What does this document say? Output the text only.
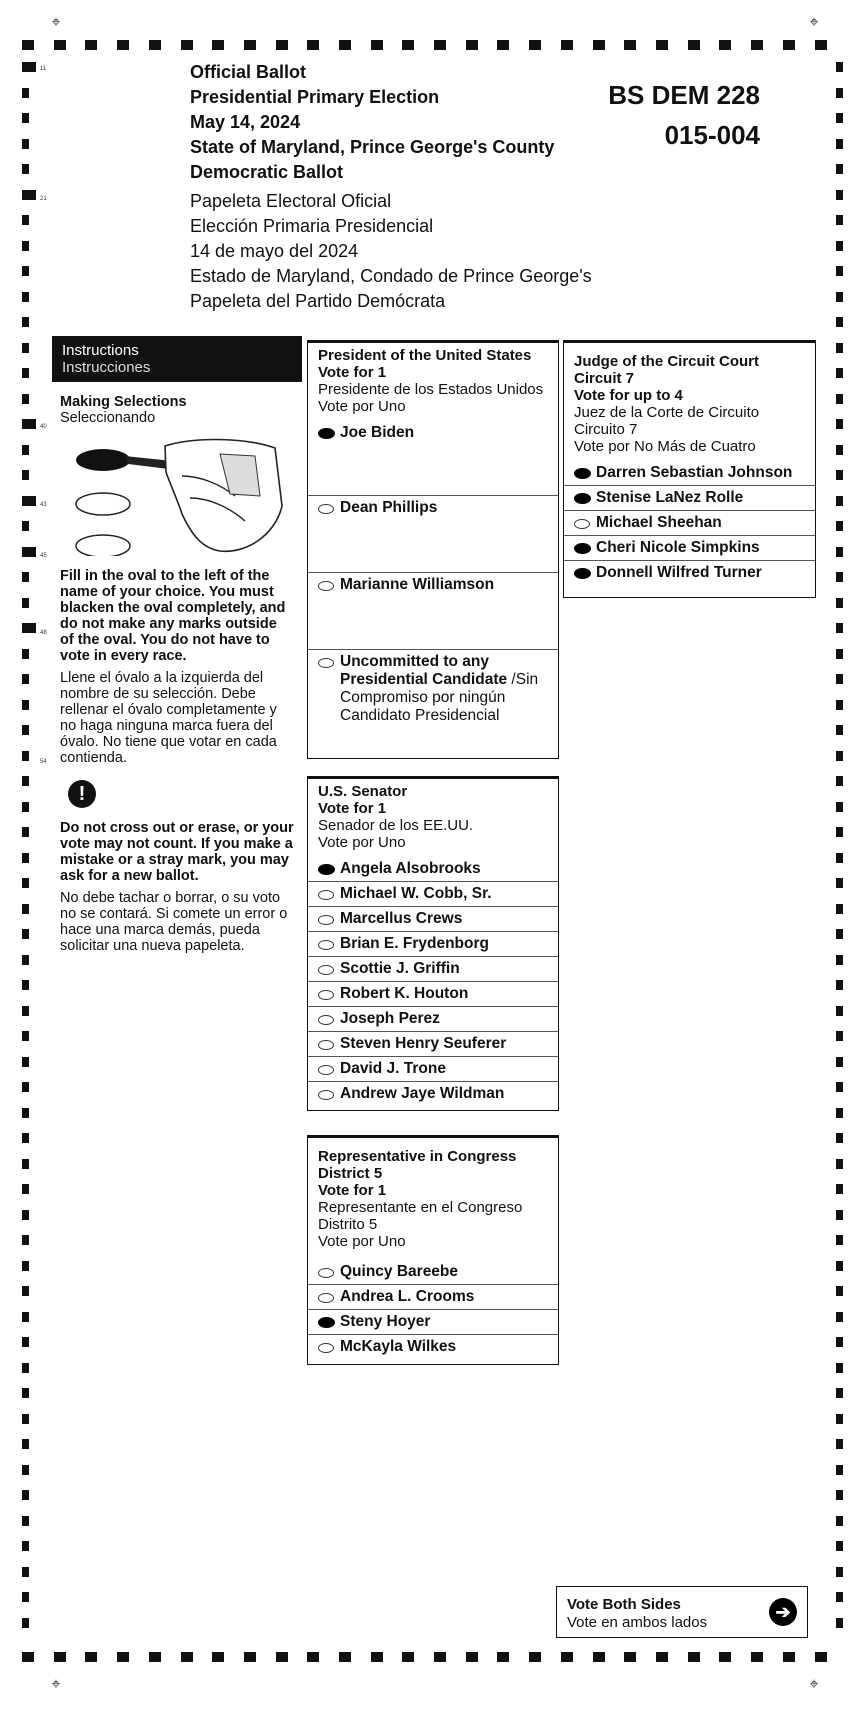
⌖	⌖
⌖	⌖
11
21
40
43
45
48
54
Official Ballot
Presidential Primary Election
May 14, 2024
State of Maryland, Prince George's County
Democratic Ballot
Papeleta Electoral Oficial
Elección Primaria Presidencial
14 de mayo del 2024
Estado de Maryland, Condado de Prince George's
Papeleta del Partido Demócrata
BS DEM 228
015-004
Instructions
Instrucciones
Making Selections
Seleccionando
Fill in the oval to the left of the name of your choice. You must blacken the oval completely, and do not make any marks outside of the oval. You do not have to vote in every race.
Llene el óvalo a la izquierda del nombre de su selección. Debe rellenar el óvalo completamente y no haga ninguna marca fuera del óvalo. No tiene que votar en cada contienda.
!
Do not cross out or erase, or your vote may not count. If you make a mistake or a stray mark, you may ask for a new ballot.
No debe tachar o borrar, o su voto no se contará. Si comete un error o hace una marca demás, pueda solicitar una nueva papeleta.
President of the United States
Vote for 1
Presidente de los Estados Unidos
Vote por Uno
Joe Biden
Dean Phillips
Marianne Williamson
Uncommitted to any Presidential Candidate /Sin Compromiso por ningún Candidato Presidencial
Judge of the Circuit Court Circuit 7
Vote for up to 4
Juez de la Corte de Circuito Circuito 7
Vote por No Más de Cuatro
Darren Sebastian Johnson
Stenise LaNez Rolle
Michael Sheehan
Cheri Nicole Simpkins
Donnell Wilfred Turner
U.S. Senator
Vote for 1
Senador de los EE.UU.
Vote por Uno
Angela Alsobrooks
Michael W. Cobb, Sr.
Marcellus Crews
Brian E. Frydenborg
Scottie J. Griffin
Robert K. Houton
Joseph Perez
Steven Henry Seuferer
David J. Trone
Andrew Jaye Wildman
Representative in Congress District 5
Vote for 1
Representante en el Congreso Distrito 5
Vote por Uno
Quincy Bareebe
Andrea L. Crooms
Steny Hoyer
McKayla Wilkes
Vote Both Sides
Vote en ambos lados
➔
